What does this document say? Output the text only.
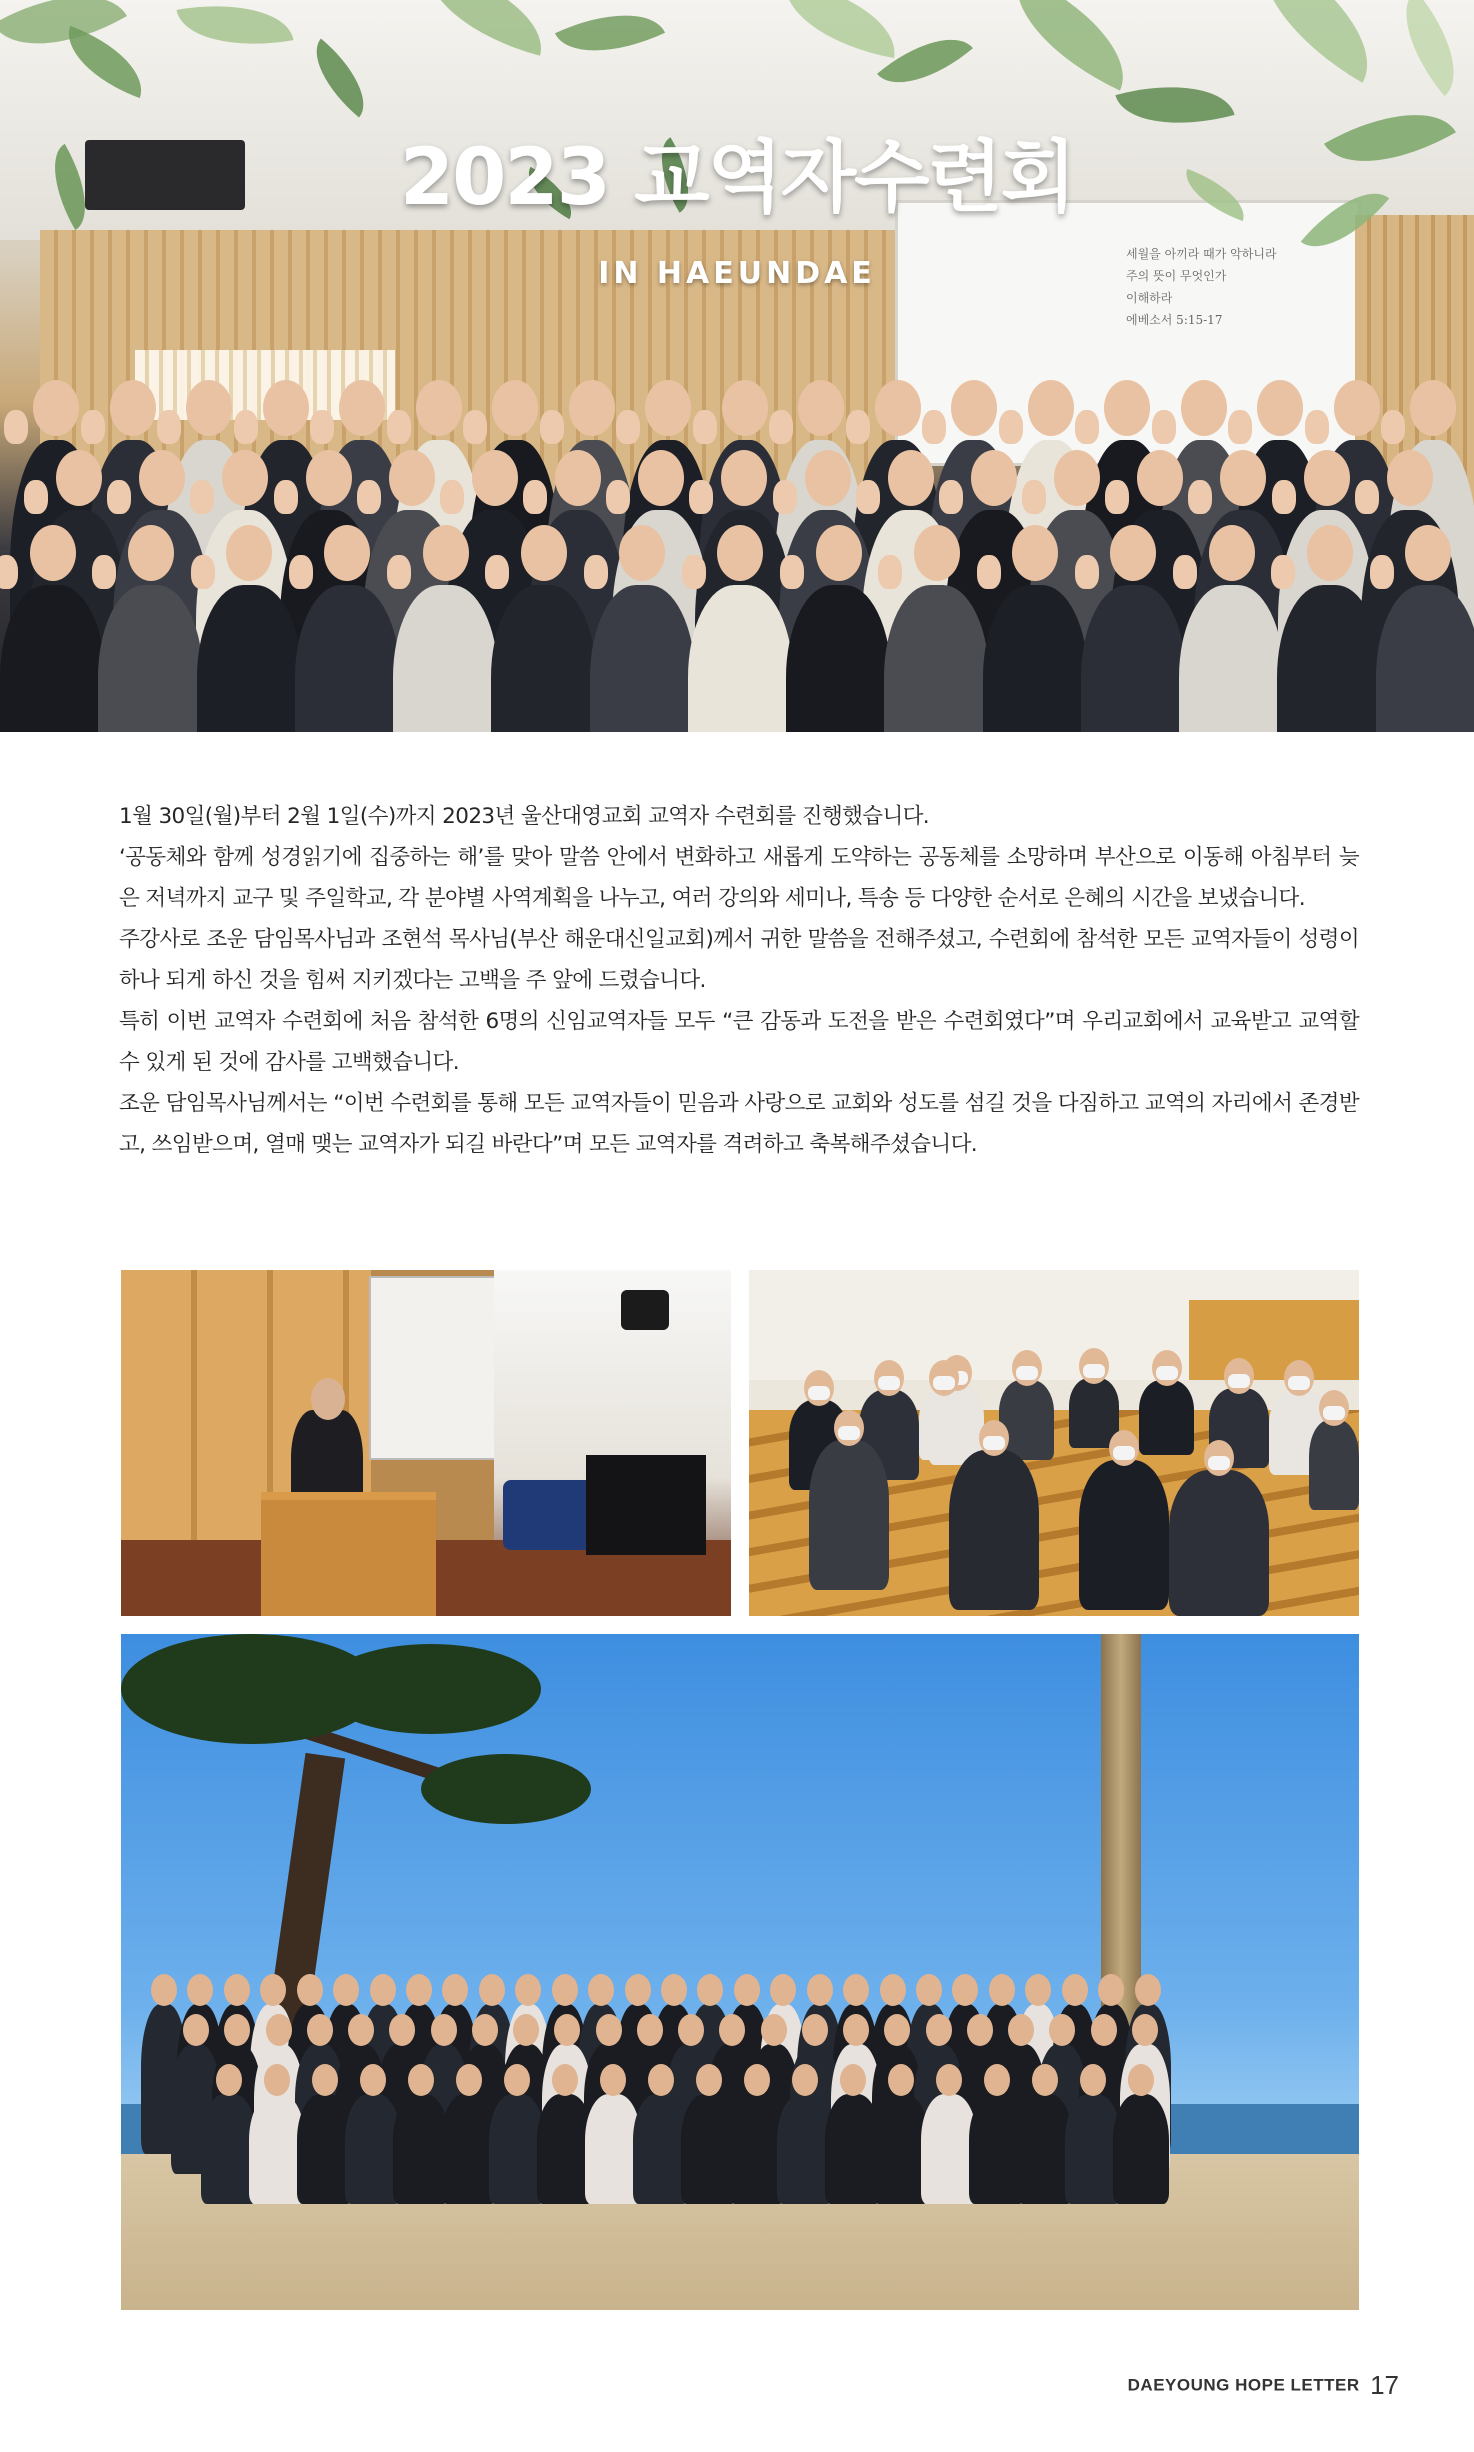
세월을 아끼라 때가 악하니라
주의 뜻이 무엇인가
이해하라
에베소서 5:15-17
2023 교역자수련회
IN HAEUNDAE

1월 30일(월)부터 2월 1일(수)까지 2023년 울산대영교회 교역자 수련회를 진행했습니다.

‘공동체와 함께 성경읽기에 집중하는 해’를 맞아 말씀 안에서 변화하고 새롭게 도약하는 공동체를 소망하며 부산으로 이동해 아침부터 늦은 저녁까지 교구 및 주일학교, 각 분야별 사역계획을 나누고, 여러 강의와 세미나, 특송 등 다양한 순서로 은혜의 시간을 보냈습니다.

주강사로 조운 담임목사님과 조현석 목사님(부산 해운대신일교회)께서 귀한 말씀을 전해주셨고, 수련회에 참석한 모든 교역자들이 성령이 하나 되게 하신 것을 힘써 지키겠다는 고백을 주 앞에 드렸습니다.

특히 이번 교역자 수련회에 처음 참석한 6명의 신임교역자들 모두 “큰 감동과 도전을 받은 수련회였다”며 우리교회에서 교육받고 교역할 수 있게 된 것에 감사를 고백했습니다.

조운 담임목사님께서는 “이번 수련회를 통해 모든 교역자들이 믿음과 사랑으로 교회와 성도를 섬길 것을 다짐하고 교역의 자리에서 존경받고, 쓰임받으며, 열매 맺는 교역자가 되길 바란다”며 모든 교역자를 격려하고 축복해주셨습니다.

DAEYOUNG HOPE LETTER 17
